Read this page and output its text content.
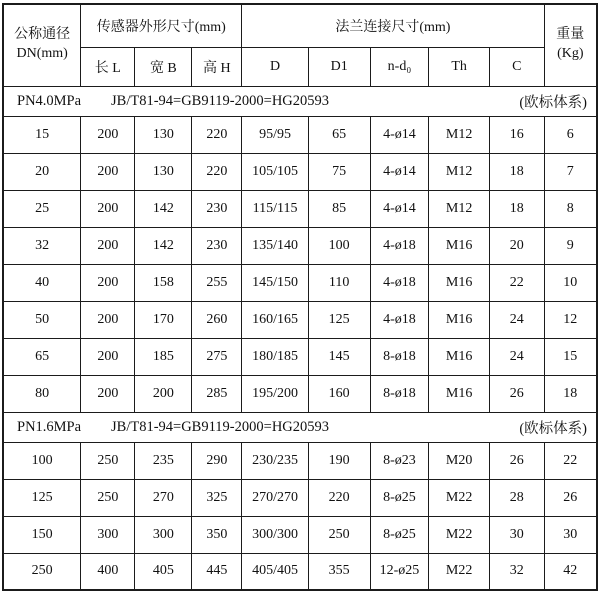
公称通径
DN(mm)	传感器外形尺寸(mm)			法兰连接尺寸(mm)					重量
(Kg)

	长 L	宽 B	高 H	D	D1	n-d₀	Th	C	

PN4.0MPa JB/T81-94=GB9119-2000=HG20593 (欧标体系)									

15	200	130	220	95/95	65	4-ø14	M12	16	6
20	200	130	220	105/105	75	4-ø14	M12	18	7
25	200	142	230	115/115	85	4-ø14	M12	18	8
32	200	142	230	135/140	100	4-ø18	M16	20	9
40	200	158	255	145/150	110	4-ø18	M16	22	10
50	200	170	260	160/165	125	4-ø18	M16	24	12
65	200	185	275	180/185	145	8-ø18	M16	24	15
80	200	200	285	195/200	160	8-ø18	M16	26	18

PN1.6MPa JB/T81-94=GB9119-2000=HG20593 (欧标体系)									

100	250	235	290	230/235	190	8-ø23	M20	26	22
125	250	270	325	270/270	220	8-ø25	M22	28	26
150	300	300	350	300/300	250	8-ø25	M22	30	30
250	400	405	445	405/405	355	12-ø25	M22	32	42
